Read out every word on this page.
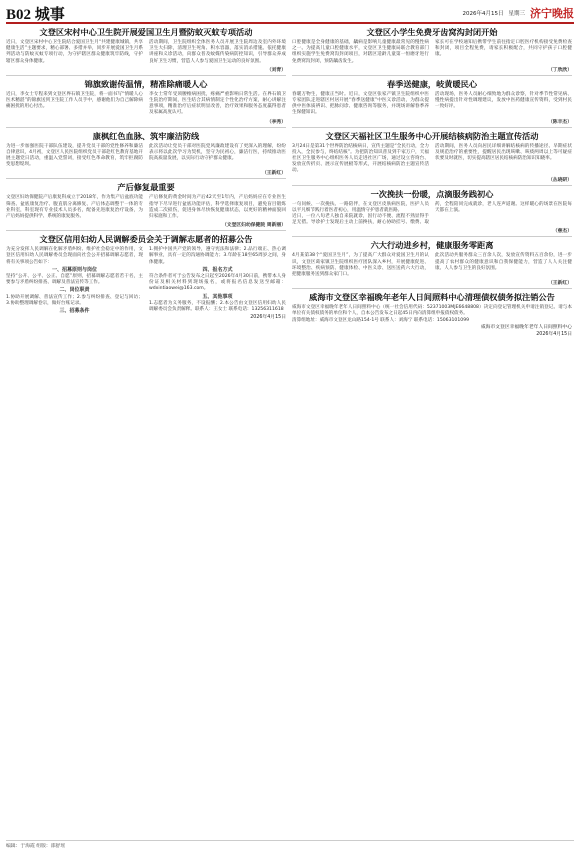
B02 城事	2026年4月15日 星期三 济宁晚报
文登区宋村中心卫生院开展爱国卫生月暨防蚊灭蚊专项活动

近日，文登区宋村中心卫生院结合爱国卫生月“共建健康城镇，共享健康生活”主题要求，精心部署、多措并举，同步开展爱国卫生月系列活动与防蚊灭蚊专项行动，为守护辖区群众健康筑牢防线，守护辖区群众身体健康。

活动期间，卫生院组织全体医务人员开展卫生院周边及室内外环境卫生大扫除，清理卫生死角、积水容器，落实消杀措施。依托健康讲座和义诊活动，向群众普及蚊媒传染病防控知识，引导群众养成良好卫生习惯，营造人人参与爱国卫生运动的良好氛围。

（刘青）
锦旗致谢传温情，精准除痛暖人心

近日，李女士专程来到文登区界石镇卫生院，将一面书写“情暖人心医术精湛”的锦旗送到卫生院工作人员手中，感谢他们为自己解除病痛困扰的用心付出。

李女士常年受颈腰椎病困扰，疼痛严重影响日常生活。在界石镇卫生院治疗期间，医生结合其病情制定个性化治疗方案，耐心讲解注意事项，精准治疗后症状明显改善，治疗效果和服务态度赢得患者及家属高度认可。

（李秀）
康枫红色血脉、筑牢廉洁防线

为进一步加强医院干部队伍建设，提升党员干部的党性修养和廉洁自律意识，4月初，文登区人民医院组织党员干部赴红色教育基地开展主题党日活动，重温入党誓词，接受红色革命教育，筑牢拒腐防变思想堤坝。

此次活动让党员干部对医院党风廉政建设有了更深入的理解，纷纷表示将以此次学习为契机，坚守为民初心，廉洁行医，持续推动医院高质量发展，以实际行动守护群众健康。

（王新红）
产后修复最重要

文登区妇幼保健院产后康复科成立于2018年，作为集产后盆底功能筛查、盆底康复治疗、腹直肌分离修复、产后体态调整于一体的专业科室，科室现有专业技术人员多名，配备先进康复治疗设备，为产后妈妈提供科学、系统的康复服务。

产后修复的黄金时间为产后42天至1年内，产后妈妈应在专业医生指导下尽早进行盆底功能评估，科学选择康复项目，避免盲目锻炼造成二次损伤，促进身体尽快恢复健康状态，以更好的精神面貌回归家庭和工作。

（文登区妇幼保健院 周新丽）
文登区信用妇幼人民调解委员会关于调解志愿者的招募公告

为充分发挥人民调解在化解矛盾纠纷、维护社会稳定中的作用，文登区信用妇幼人民调解委员会现面向社会公开招募调解志愿者，现将有关事项公告如下：

一、招募原则与岗位

坚持“公开、公平、公正、自愿”原则，招募调解志愿者若干名，主要参与矛盾纠纷排查、调解及普法宣传等工作。

二、岗位职责

1.协助开展调解、普法宣传工作；2.参与纠纷排查、登记与回访；3.协助整理调解卷宗，做好台账记录。

三、招募条件

1.拥护中国共产党的领导，遵守宪法和法律；2.品行端正、热心调解事业，具有一定的沟通协调能力；3.年龄在18至65周岁之间，身体健康。

四、报名方式

符合条件者可于公告发布之日起至2026年4月30日前，携带本人身份证及相关材料到现场报名，或将报名信息发送至邮箱：wdxintiaowei@163.com。

五、其他事项

1.志愿者为义务服务，不设报酬；2.本公告由文登区信用妇幼人民调解委员会负责解释。联系人：王女士 联系电话：13256311618

2026年4月15日
文登区小学生免费牙齿窝沟封闭开始

口腔健康是全身健康的基础，龋病是影响儿童健康最常见的慢性病之一。为提高儿童口腔健康水平，文登区卫生健康局联合教育部门组织实施学生免费窝沟封闭项目，对辖区适龄儿童第一恒磨牙进行免费窝沟封闭，预防龋齿发生。

家长可在学校通知后携带学生前往指定口腔医疗机构接受免费检查和封闭，项目全程免费，请家长积极配合，共同守护孩子口腔健康。

（丁欣欣）
春季送健康，岐黄暖民心

春暖万物生，健康正当时。近日，文登区张家产镇卫生院组织中医专家团队走进辖区村居开展“春季送健康”中医义诊活动，为群众提供中医体质辨识、把脉问诊、健康咨询等服务，并现场讲解春季养生保健知识。

活动现场，医务人员耐心细致地为群众诊察，针对季节性常见病、慢性病提出针对性调理建议，发放中医药健康宣传资料，受到村民一致好评。

（陈丰杰）
文登区天福社区卫生服务中心开展结核病防治主题宣传活动

3月24日是第31个世界防治结核病日，宣传主题是“全民行动，全力投入，全民参与，终结结核”。为把防治知识普及到千家万户，天福社区卫生服务中心组织医务人员走进社区广场，通过设立咨询台、发放宣传折页、展示宣传展板等形式，开展结核病防治主题宣传活动。

活动期间，医务人员向居民详细讲解结核病的传播途径、早期症状及规范治疗的重要性，提醒居民出现咳嗽、咳痰两周以上等可疑症状要及时就医，切实提高辖区居民结核病防治知识知晓率。

（丛晓研）
一次挽扶一份暖，点滴服务践初心

一句问候、一次挽扶、一路陪伴，在文登区皮肤病医院，医护人员以平凡细节践行着医者初心，用温情守护患者就医路。

近日，一位八旬老人独自来院就诊，因行动不便、流程不熟显得手足无措。导诊护士发现后主动上前搀扶，耐心协助挂号、缴费、取药，全程陪同完成就诊，老人连声道谢。这样暖心的场景在医院每天都在上演。

（慈杰）
六大行动进乡村，健康服务零距离

4月某第38个“爱国卫生月”，为了提高广大群众对爱国卫生月的认识，文登区葛家镇卫生院组织医疗团队深入乡村，开展健康促进、环境整治、疾病预防、健康体检、中医义诊、送医送药六大行动，把健康服务送到群众家门口。

此次活动共服务群众三百余人次，发放宣传资料五百余份，进一步提高了农村群众的健康意识和自我保健能力，营造了人人关注健康、人人参与卫生的良好氛围。

（王新红）
威海市文登区幸福晚年老年人日间照料中心清理债权债务拟注销公告

威海市文登区幸福晚年老年人日间照料中心（统一社会信用代码：52371003MJE6648808）决定向登记管理机关申请注销登记。请与本单位有关债权债务的单位和个人，自本公告发布之日起45日内向清算组申报债权债务。

清算组地址：威海市文登区龙山路154-1号 联系人：刘海宁 联系电话：15063101099

威海市文登区幸福晚年老年人日间照料中心
2026年4月15日
编辑：于海霞 组版：邵舒瑶
